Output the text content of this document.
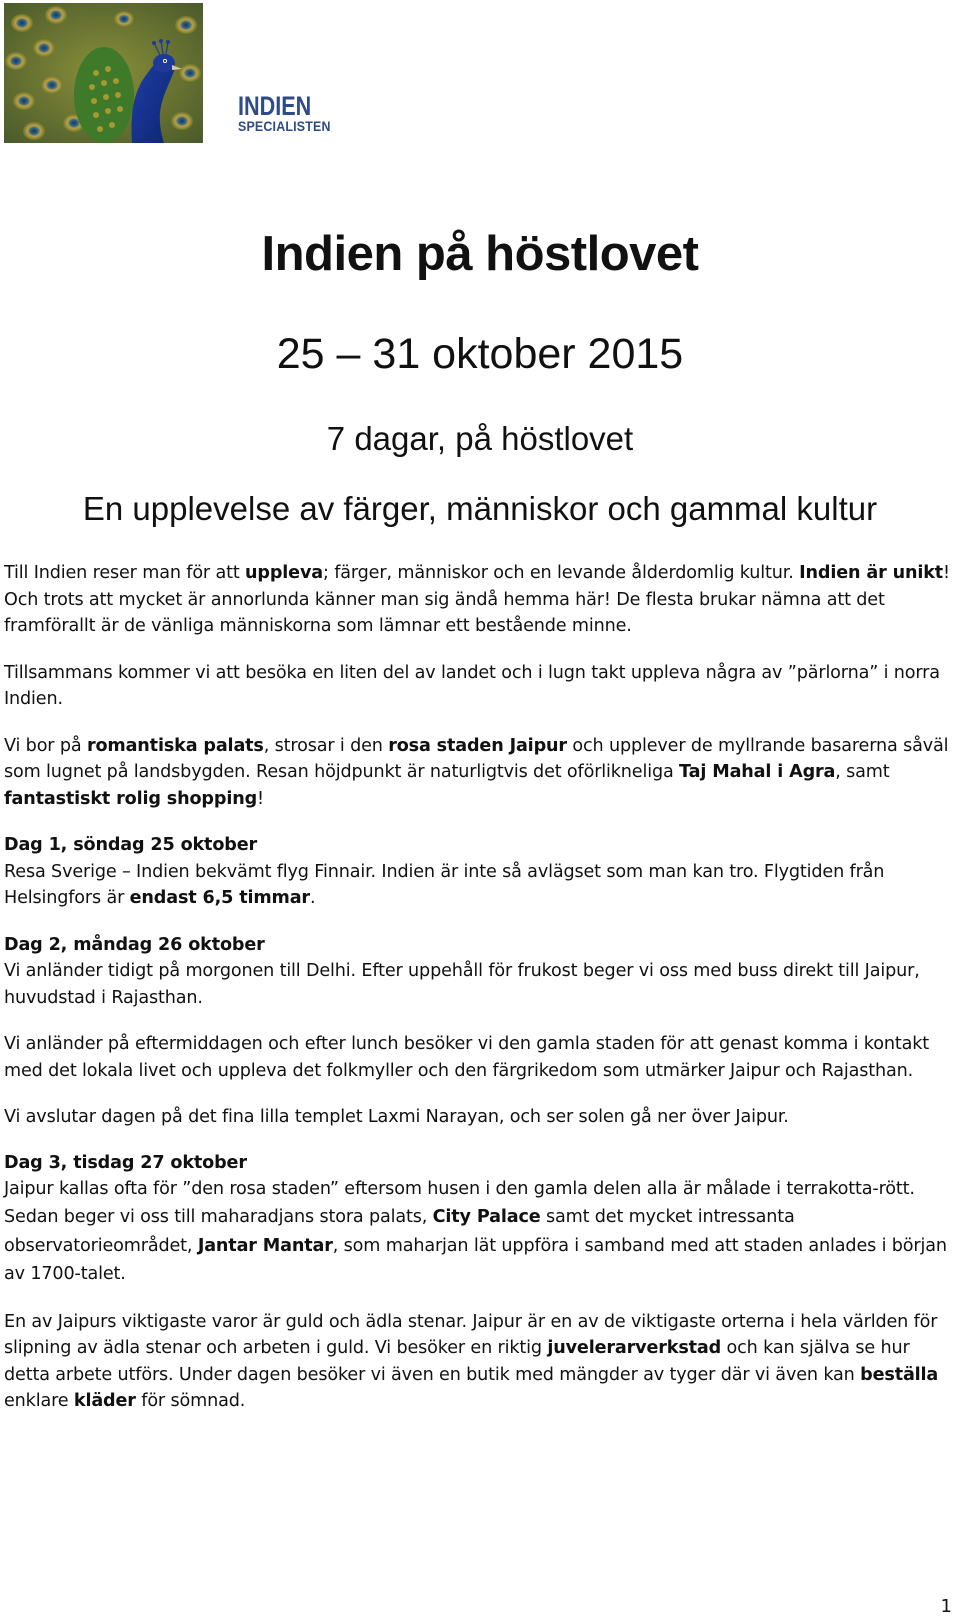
INDIEN
SPECIALISTEN
Indien på höstlovet
25 – 31 oktober 2015
7 dagar, på höstlovet
En upplevelse av färger, människor och gammal kultur

Till Indien reser man för att uppleva; färger, människor och en levande ålderdomlig kultur. Indien är unikt! Och trots att mycket är annorlunda känner man sig ändå hemma här! De flesta brukar nämna att det framförallt är de vänliga människorna som lämnar ett bestående minne.

Tillsammans kommer vi att besöka en liten del av landet och i lugn takt uppleva några av ”pärlorna” i norra Indien.

Vi bor på romantiska palats, strosar i den rosa staden Jaipur och upplever de myllrande basarerna såväl som lugnet på landsbygden. Resan höjdpunkt är naturligtvis det oförlikneliga Taj Mahal i Agra, samt fantastiskt rolig shopping!

Dag 1, söndag 25 oktober
Resa Sverige – Indien bekvämt flyg Finnair. Indien är inte så avlägset som man kan tro. Flygtiden från Helsingfors är endast 6,5 timmar.

Dag 2, måndag 26 oktober
Vi anländer tidigt på morgonen till Delhi. Efter uppehåll för frukost beger vi oss med buss direkt till Jaipur, huvudstad i Rajasthan.

Vi anländer på eftermiddagen och efter lunch besöker vi den gamla staden för att genast komma i kontakt med det lokala livet och uppleva det folkmyller och den färgrikedom som utmärker Jaipur och Rajasthan.

Vi avslutar dagen på det fina lilla templet Laxmi Narayan, och ser solen gå ner över Jaipur.

Dag 3, tisdag 27 oktober
Jaipur kallas ofta för ”den rosa staden” eftersom husen i den gamla delen alla är målade i terrakotta-rött. Sedan beger vi oss till maharadjans stora palats, City Palace samt det mycket intressanta observatorieområdet, Jantar Mantar, som maharjan lät uppföra i samband med att staden anlades i början av 1700-talet.

En av Jaipurs viktigaste varor är guld och ädla stenar. Jaipur är en av de viktigaste orterna i hela världen för slipning av ädla stenar och arbeten i guld. Vi besöker en riktig juvelerarverkstad och kan själva se hur detta arbete utförs. Under dagen besöker vi även en butik med mängder av tyger där vi även kan beställa enklare kläder för sömnad.

1
